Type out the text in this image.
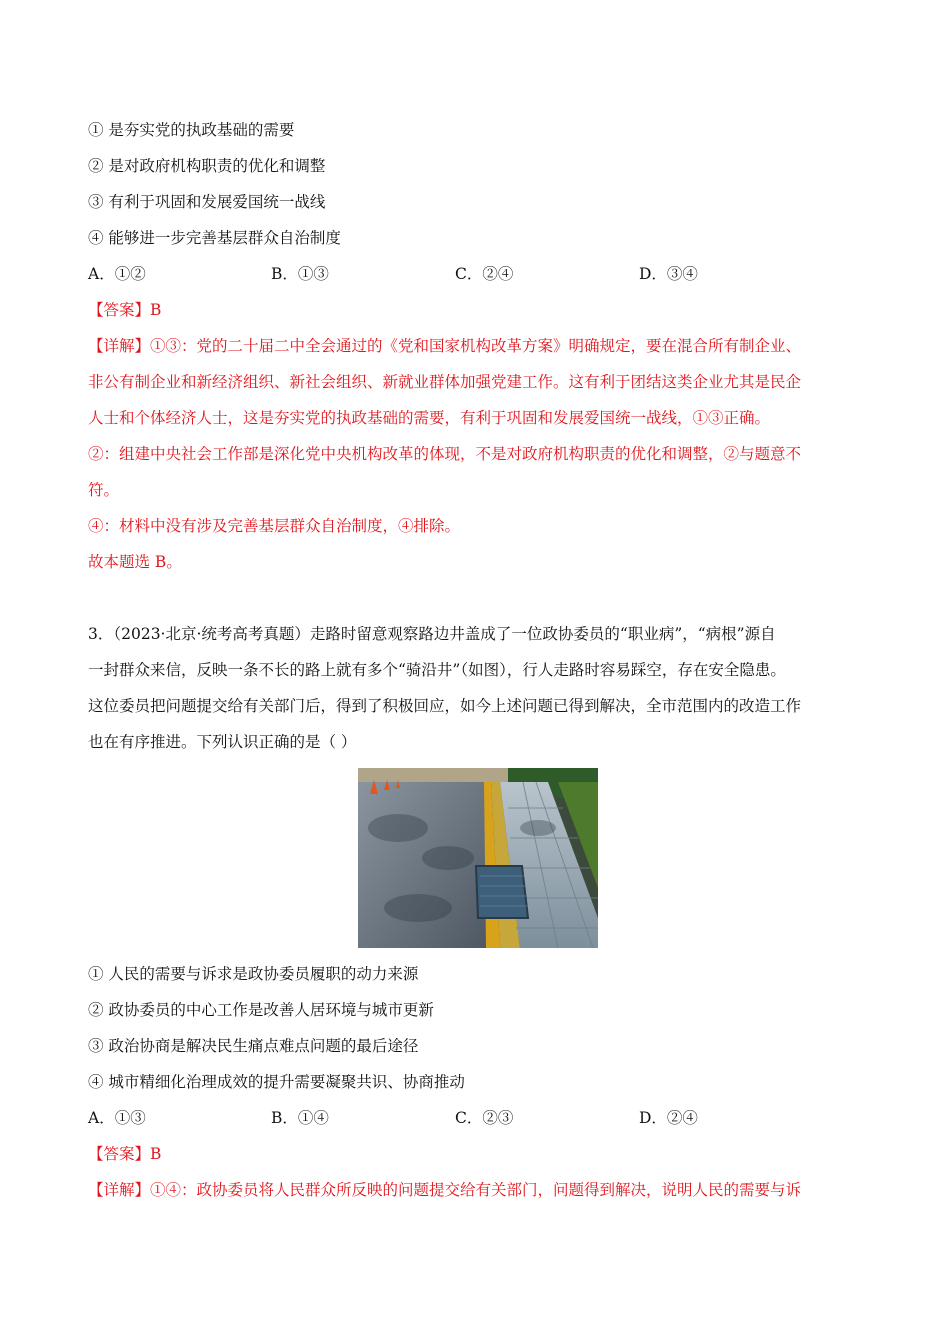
① 是夯实党的执政基础的需要
② 是对政府机构职责的优化和调整
③ 有利于巩固和发展爱国统一战线
④ 能够进一步完善基层群众自治制度
A．①②	B．①③	C．②④	D．③④
【答案】B
【详解】①③：党的二十届二中全会通过的《党和国家机构改革方案》明确规定，要在混合所有制企业、
非公有制企业和新经济组织、新社会组织、新就业群体加强党建工作。这有利于团结这类企业尤其是民企
人士和个体经济人士，这是夯实党的执政基础的需要，有利于巩固和发展爱国统一战线，①③正确。
②：组建中央社会工作部是深化党中央机构改革的体现，不是对政府机构职责的优化和调整，②与题意不
符。
④：材料中没有涉及完善基层群众自治制度，④排除。
故本题选 B。
3．（2023·北京·统考高考真题）走路时留意观察路边井盖成了一位政协委员的“职业病”，“病根”源自
一封群众来信，反映一条不长的路上就有多个“骑沿井”（如图），行人走路时容易踩空，存在安全隐患。
这位委员把问题提交给有关部门后，得到了积极回应，如今上述问题已得到解决，全市范围内的改造工作
也在有序推进。下列认识正确的是（ ）
① 人民的需要与诉求是政协委员履职的动力来源
② 政协委员的中心工作是改善人居环境与城市更新
③ 政治协商是解决民生痛点难点问题的最后途径
④ 城市精细化治理成效的提升需要凝聚共识、协商推动
A．①③	B．①④	C．②③	D．②④
【答案】B
【详解】①④：政协委员将人民群众所反映的问题提交给有关部门，问题得到解决，说明人民的需要与诉
